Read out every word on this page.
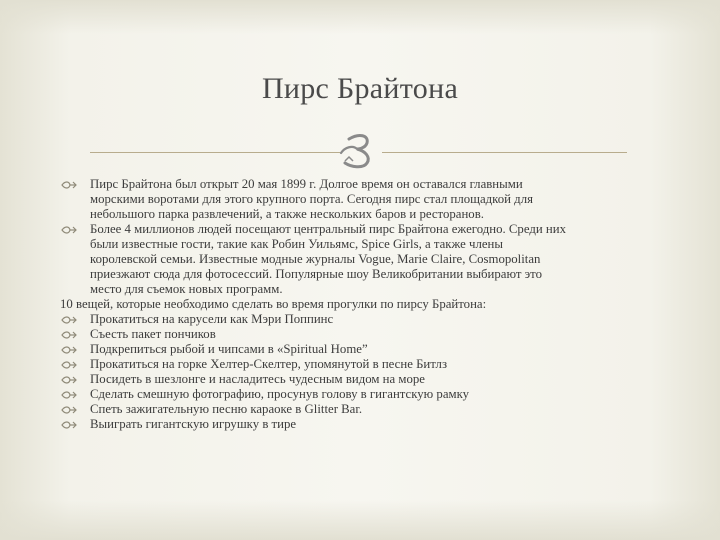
Пирс Брайтона
Пирс Брайтона был открыт 20 мая 1899 г. Долгое время он оставался главными
морскими воротами для этого крупного порта. Сегодня пирс стал площадкой для
небольшого парка развлечений, а также нескольких баров и ресторанов.
Более 4 миллионов людей посещают центральный пирс Брайтона ежегодно. Среди них
были известные гости, такие как Робин Уильямс, Spice Girls, а также члены
королевской семьи. Известные модные журналы Vogue, Marie Claire, Cosmopolitan
приезжают сюда для фотосессий. Популярные шоу Великобритании выбирают это
место для съемок новых программ.
10 вещей, которые необходимо сделать во время прогулки по пирсу Брайтона:
Прокатиться на карусели как Мэри Поппинс
Съесть пакет пончиков
Подкрепиться рыбой и чипсами в «Spiritual Home”
Прокатиться на горке Хелтер-Скелтер, упомянутой в песне Битлз
Посидеть в шезлонге и насладитесь чудесным видом на море
Сделать смешную фотографию, просунув голову в гигантскую рамку
Спеть зажигательную песню караоке в Glitter Bar.
Выиграть гигантскую игрушку в тире
